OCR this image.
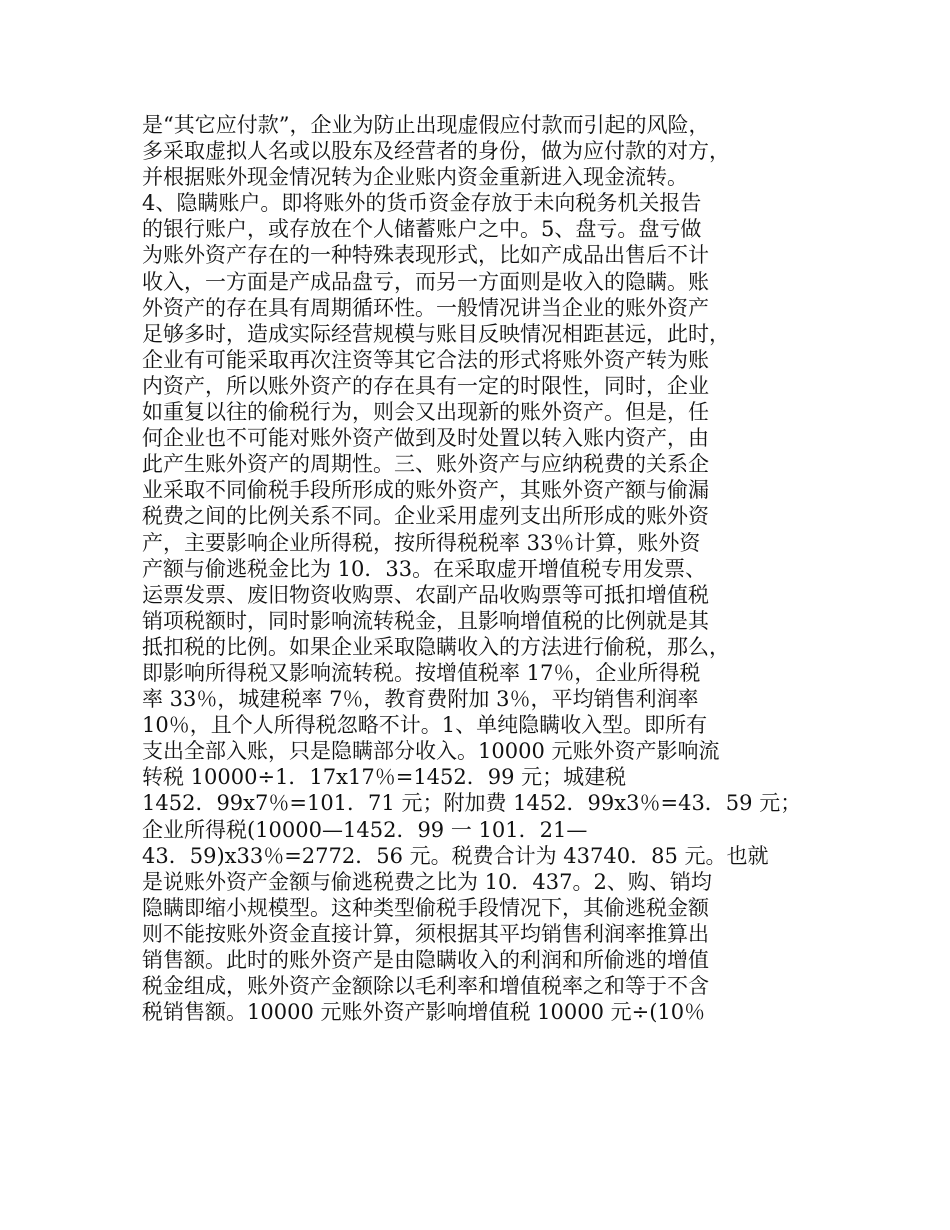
是“其它应付款”，企业为防止出现虚假应付款而引起的风险，
多采取虚拟人名或以股东及经营者的身份，做为应付款的对方，
并根据账外现金情况转为企业账内资金重新进入现金流转。
4、隐瞒账户。即将账外的货币资金存放于未向税务机关报告
的银行账户，或存放在个人储蓄账户之中。5、盘亏。盘亏做
为账外资产存在的一种特殊表现形式，比如产成品出售后不计
收入，一方面是产成品盘亏，而另一方面则是收入的隐瞒。账
外资产的存在具有周期循环性。一般情况讲当企业的账外资产
足够多时，造成实际经营规模与账目反映情况相距甚远，此时，
企业有可能采取再次注资等其它合法的形式将账外资产转为账
内资产，所以账外资产的存在具有一定的时限性，同时，企业
如重复以往的偷税行为，则会又出现新的账外资产。但是，任
何企业也不可能对账外资产做到及时处置以转入账内资产，由
此产生账外资产的周期性。三、账外资产与应纳税费的关系企
业采取不同偷税手段所形成的账外资产，其账外资产额与偷漏
税费之间的比例关系不同。企业采用虚列支出所形成的账外资
产，主要影响企业所得税，按所得税税率 33％计算，账外资
产额与偷逃税金比为 10．33。在采取虚开增值税专用发票、
运票发票、废旧物资收购票、农副产品收购票等可抵扣增值税
销项税额时，同时影响流转税金，且影响增值税的比例就是其
抵扣税的比例。如果企业采取隐瞒收入的方法进行偷税，那么，
即影响所得税又影响流转税。按增值税率 17％，企业所得税
率 33％，城建税率 7％，教育费附加 3％，平均销售利润率
10％，且个人所得税忽略不计。1、单纯隐瞒收入型。即所有
支出全部入账，只是隐瞒部分收入。10000 元账外资产影响流
转税 10000÷1．17x17％=1452．99 元；城建税
1452．99x7％=101．71 元；附加费 1452．99x3％=43．59 元；
企业所得税(10000—1452．99 一 101．21—
43．59)x33％=2772．56 元。税费合计为 43740．85 元。也就
是说账外资产金额与偷逃税费之比为 10．437。2、购、销均
隐瞒即缩小规模型。这种类型偷税手段情况下，其偷逃税金额
则不能按账外资金直接计算，须根据其平均销售利润率推算出
销售额。此时的账外资产是由隐瞒收入的利润和所偷逃的增值
税金组成，账外资产金额除以毛利率和增值税率之和等于不含
税销售额。10000 元账外资产影响增值税 10000 元÷(10％
